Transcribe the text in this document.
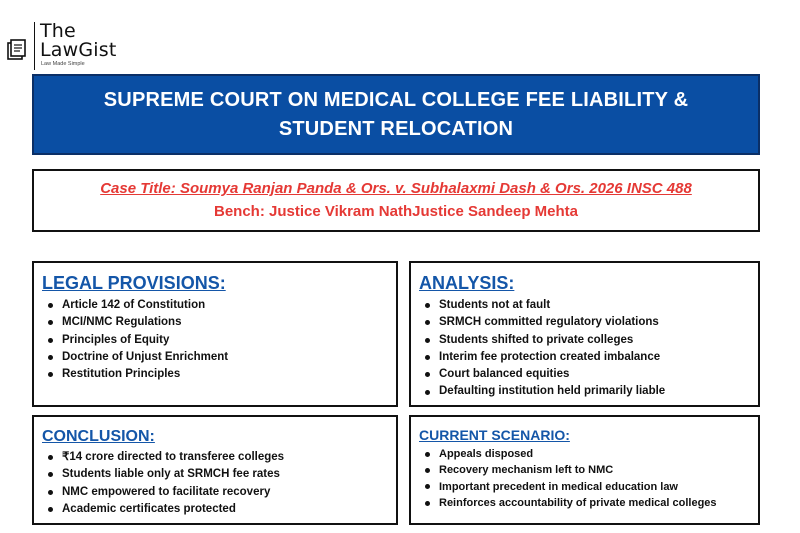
The
LawGist
Law Made Simple
SUPREME COURT ON MEDICAL COLLEGE FEE LIABILITY & STUDENT RELOCATION
Case Title: Soumya Ranjan Panda & Ors. v. Subhalaxmi Dash & Ors. 2026 INSC 488
Bench: Justice Vikram NathJustice Sandeep Mehta
LEGAL PROVISIONS:
Article 142 of Constitution
MCI/NMC Regulations
Principles of Equity
Doctrine of Unjust Enrichment
Restitution Principles
ANALYSIS:
Students not at fault
SRMCH committed regulatory violations
Students shifted to private colleges
Interim fee protection created imbalance
Court balanced equities
Defaulting institution held primarily liable
CONCLUSION:
₹14 crore directed to transferee colleges
Students liable only at SRMCH fee rates
NMC empowered to facilitate recovery
Academic certificates protected
CURRENT SCENARIO:
Appeals disposed
Recovery mechanism left to NMC
Important precedent in medical education law
Reinforces accountability of private medical colleges
